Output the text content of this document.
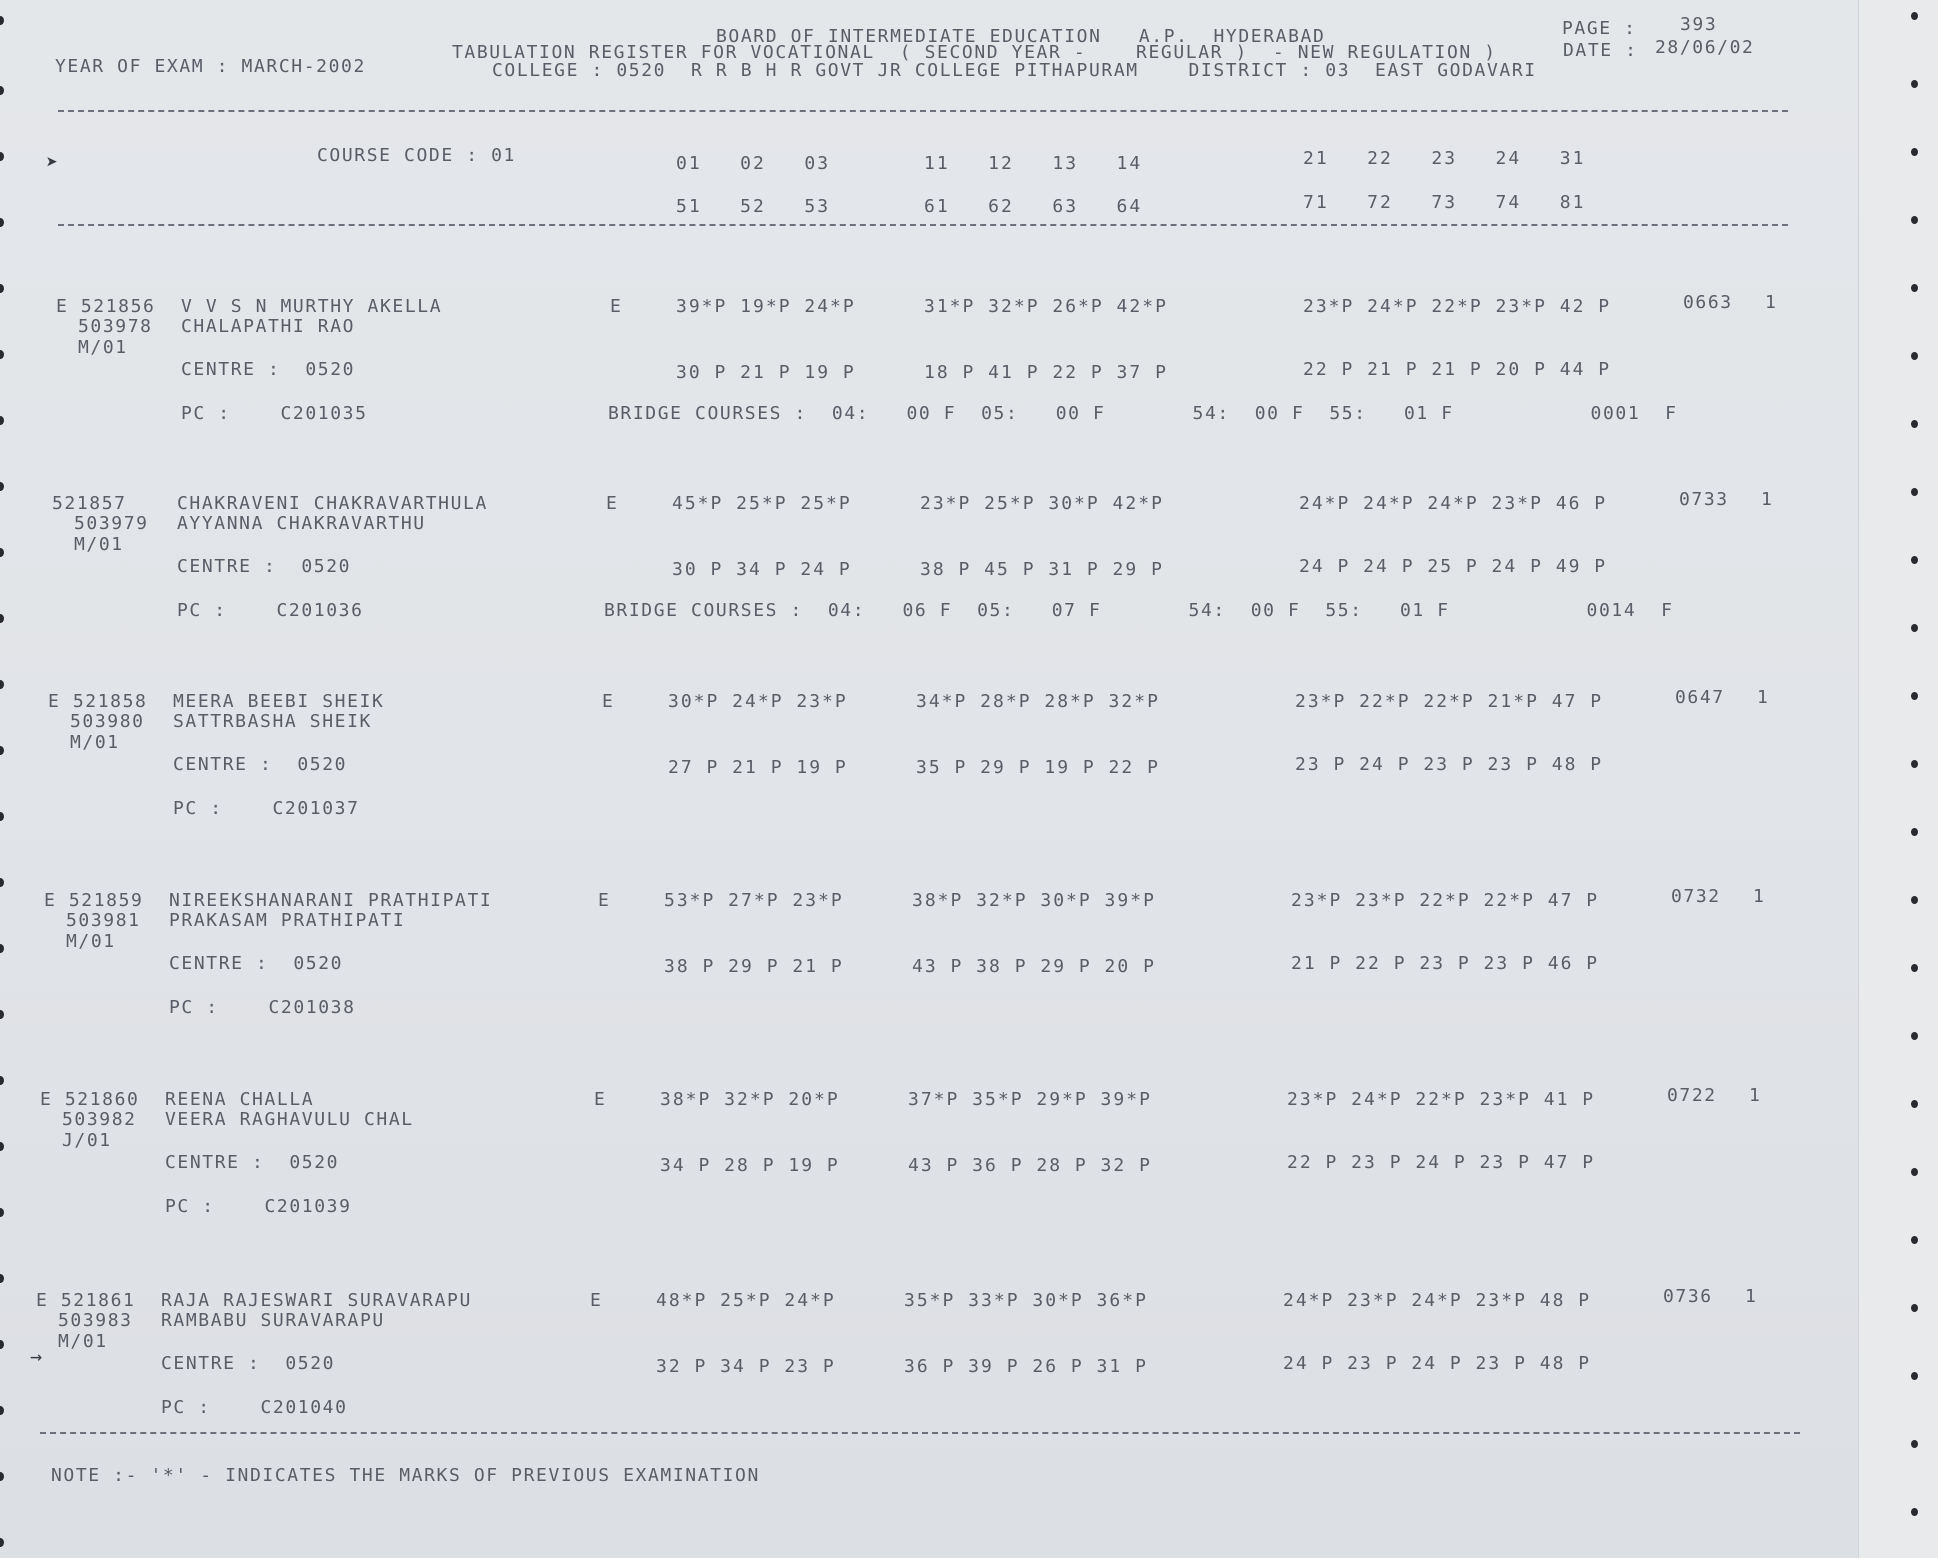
BOARD OF INTERMEDIATE EDUCATION   A.P.  HYDERABAD	PAGE : 393
TABULATION REGISTER FOR VOCATIONAL  ( SECOND YEAR -    REGULAR )  - NEW REGULATION )	DATE : 28/06/02
YEAR OF EXAM : MARCH-2002	COLLEGE : 0520  R R B H R GOVT JR COLLEGE PITHAPURAM    DISTRICT : 03  EAST GODAVARI
COURSE CODE : 01	01   02   03	11   12   13   14	21   22   23   24   31
51   52   53	61   62   63   64	71   72   73   74   81
E 521856 V V S N MURTHY AKELLA
503978 CHALAPATHI RAO
M/01
CENTRE :  0520
PC :    C201035
E	39*P 19*P 24*P	31*P 32*P 26*P 42*P	23*P 24*P 22*P 23*P 42 P	0663 1
30 P 21 P 19 P	18 P 41 P 22 P 37 P	22 P 21 P 21 P 20 P 44 P
BRIDGE COURSES :  04:   00 F  05:   00 F       54:  00 F  55:   01 F           0001  F
521857	CHAKRAVENI CHAKRAVARTHULA
503979 AYYANNA CHAKRAVARTHU
M/01
CENTRE :  0520
PC :    C201036
E	45*P 25*P 25*P	23*P 25*P 30*P 42*P	24*P 24*P 24*P 23*P 46 P	0733 1
30 P 34 P 24 P	38 P 45 P 31 P 29 P	24 P 24 P 25 P 24 P 49 P
BRIDGE COURSES :  04:   06 F  05:   07 F       54:  00 F  55:   01 F           0014  F
E 521858 MEERA BEEBI SHEIK
503980 SATTRBASHA SHEIK
M/01
CENTRE :  0520
PC :    C201037
E	30*P 24*P 23*P	34*P 28*P 28*P 32*P	23*P 22*P 22*P 21*P 47 P	0647 1
27 P 21 P 19 P	35 P 29 P 19 P 22 P	23 P 24 P 23 P 23 P 48 P
E 521859 NIREEKSHANARANI PRATHIPATI
503981 PRAKASAM PRATHIPATI
M/01
CENTRE :  0520
PC :    C201038
E	53*P 27*P 23*P	38*P 32*P 30*P 39*P	23*P 23*P 22*P 22*P 47 P	0732 1
38 P 29 P 21 P	43 P 38 P 29 P 20 P	21 P 22 P 23 P 23 P 46 P
E 521860 REENA CHALLA
503982 VEERA RAGHAVULU CHAL
J/01
CENTRE :  0520
PC :    C201039
E	38*P 32*P 20*P	37*P 35*P 29*P 39*P	23*P 24*P 22*P 23*P 41 P	0722 1
34 P 28 P 19 P	43 P 36 P 28 P 32 P	22 P 23 P 24 P 23 P 47 P
E 521861 RAJA RAJESWARI SURAVARAPU
503983 RAMBABU SURAVARAPU
M/01
CENTRE :  0520
PC :    C201040
E	48*P 25*P 24*P	35*P 33*P 30*P 36*P	24*P 23*P 24*P 23*P 48 P	0736 1
32 P 34 P 23 P	36 P 39 P 26 P 31 P	24 P 23 P 24 P 23 P 48 P
NOTE :- '*' - INDICATES THE MARKS OF PREVIOUS EXAMINATION
➤
→
